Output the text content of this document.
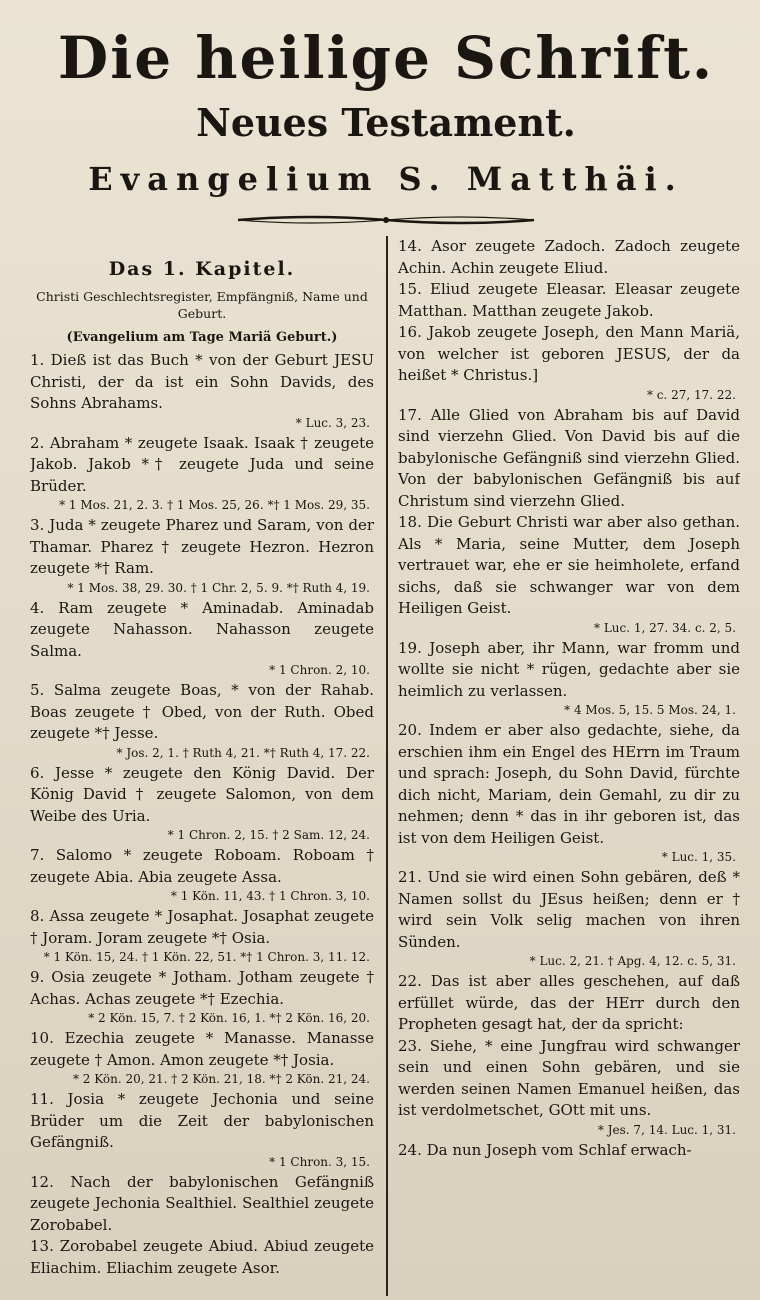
Die heilige Schrift.
Neues Testament.
Evangelium S. Matthäi.
Das 1. Kapitel.
Christi Geschlechtsregister, Empfängniß, Name und Geburt.
(Evangelium am Tage Mariä Geburt.)

1. Dieß ist das Buch * von der Geburt JESU Christi, der da ist ein Sohn Davids, des Sohns Abrahams.

* Luc. 3, 23.

2. Abraham * zeugete Isaak. Isaak † zeugete Jakob. Jakob *† zeugete Juda und seine Brüder.

* 1 Mos. 21, 2. 3. † 1 Mos. 25, 26. *† 1 Mos. 29, 35.

3. Juda * zeugete Pharez und Saram, von der Thamar. Pharez † zeugete Hezron. Hezron zeugete *† Ram.

* 1 Mos. 38, 29. 30. † 1 Chr. 2, 5. 9. *† Ruth 4, 19.

4. Ram zeugete * Aminadab. Aminadab zeugete Nahasson. Nahasson zeugete Salma.

* 1 Chron. 2, 10.

5. Salma zeugete Boas, * von der Rahab. Boas zeugete † Obed, von der Ruth. Obed zeugete *† Jesse.

* Jos. 2, 1. † Ruth 4, 21. *† Ruth 4, 17. 22.

6. Jesse * zeugete den König David. Der König David † zeugete Salomon, von dem Weibe des Uria.

* 1 Chron. 2, 15. † 2 Sam. 12, 24.

7. Salomo * zeugete Roboam. Roboam † zeugete Abia. Abia zeugete Assa.

* 1 Kön. 11, 43. † 1 Chron. 3, 10.

8. Assa zeugete * Josaphat. Josaphat zeugete † Joram. Joram zeugete *† Osia.

* 1 Kön. 15, 24. † 1 Kön. 22, 51. *† 1 Chron. 3, 11. 12.

9. Osia zeugete * Jotham. Jotham zeugete † Achas. Achas zeugete *† Ezechia.

* 2 Kön. 15, 7. † 2 Kön. 16, 1. *† 2 Kön. 16, 20.

10. Ezechia zeugete * Manasse. Manasse zeugete † Amon. Amon zeugete *† Josia.

* 2 Kön. 20, 21. † 2 Kön. 21, 18. *† 2 Kön. 21, 24.

11. Josia * zeugete Jechonia und seine Brüder um die Zeit der babylonischen Gefängniß.

* 1 Chron. 3, 15.

12. Nach der babylonischen Gefängniß zeugete Jechonia Sealthiel. Sealthiel zeugete Zorobabel.

13. Zorobabel zeugete Abiud. Abiud zeugete Eliachim. Eliachim zeugete Asor.

14. Asor zeugete Zadoch. Zadoch zeugete Achin. Achin zeugete Eliud.

15. Eliud zeugete Eleasar. Eleasar zeugete Matthan. Matthan zeugete Jakob.

16. Jakob zeugete Joseph, den Mann Mariä, von welcher ist geboren JESUS, der da heißet * Christus.]

* c. 27, 17. 22.

17. Alle Glied von Abraham bis auf David sind vierzehn Glied. Von David bis auf die babylonische Gefängniß sind vierzehn Glied. Von der babylonischen Gefängniß bis auf Christum sind vierzehn Glied.

18. Die Geburt Christi war aber also gethan. Als * Maria, seine Mutter, dem Joseph vertrauet war, ehe er sie heimholete, erfand sichs, daß sie schwanger war von dem Heiligen Geist.

* Luc. 1, 27. 34. c. 2, 5.

19. Joseph aber, ihr Mann, war fromm und wollte sie nicht * rügen, gedachte aber sie heimlich zu verlassen.

* 4 Mos. 5, 15. 5 Mos. 24, 1.

20. Indem er aber also gedachte, siehe, da erschien ihm ein Engel des HErrn im Traum und sprach: Joseph, du Sohn David, fürchte dich nicht, Mariam, dein Gemahl, zu dir zu nehmen; denn * das in ihr geboren ist, das ist von dem Heiligen Geist.

* Luc. 1, 35.

21. Und sie wird einen Sohn gebären, deß * Namen sollst du JEsus heißen; denn er † wird sein Volk selig machen von ihren Sünden.

* Luc. 2, 21. † Apg. 4, 12. c. 5, 31.

22. Das ist aber alles geschehen, auf daß erfüllet würde, das der HErr durch den Propheten gesagt hat, der da spricht:

23. Siehe, * eine Jungfrau wird schwanger sein und einen Sohn gebären, und sie werden seinen Namen Emanuel heißen, das ist verdolmetschet, GOtt mit uns.

* Jes. 7, 14. Luc. 1, 31.

24. Da nun Joseph vom Schlaf erwach-
